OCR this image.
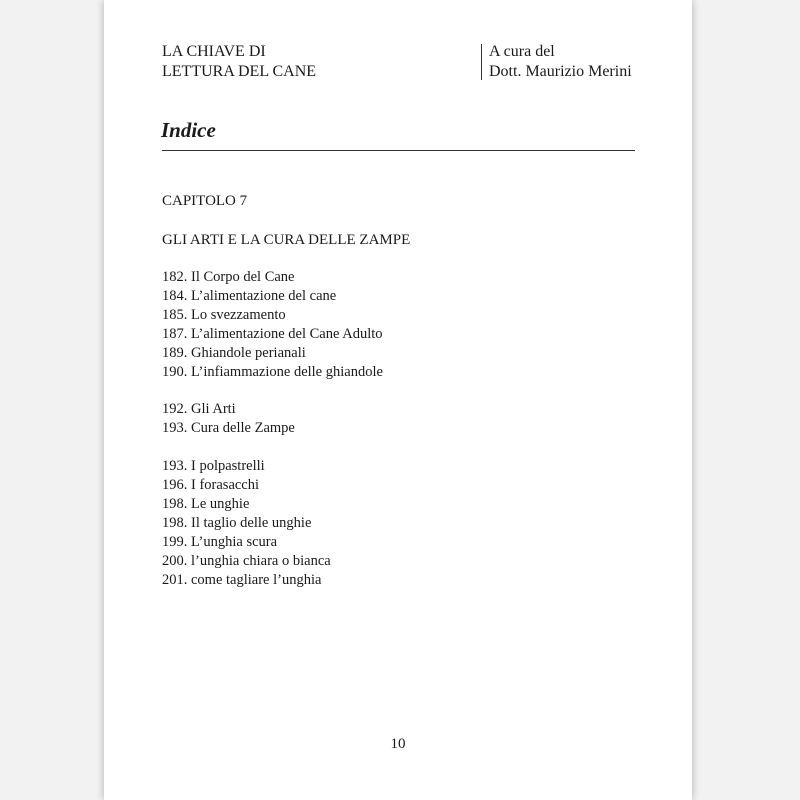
LA CHIAVE DI
LETTURA DEL CANE
A cura del
Dott. Maurizio Merini
Indice
CAPITOLO 7
GLI ARTI E LA CURA DELLE ZAMPE
182. Il Corpo del Cane
184. L’alimentazione del cane
185. Lo svezzamento
187. L’alimentazione del Cane Adulto
189. Ghiandole perianali
190. L’infiammazione delle ghiandole
192. Gli Arti
193. Cura delle Zampe
193. I polpastrelli
196. I forasacchi
198. Le unghie
198. Il taglio delle unghie
199. L’unghia scura
200. l’unghia chiara o bianca
201. come tagliare l’unghia
10
